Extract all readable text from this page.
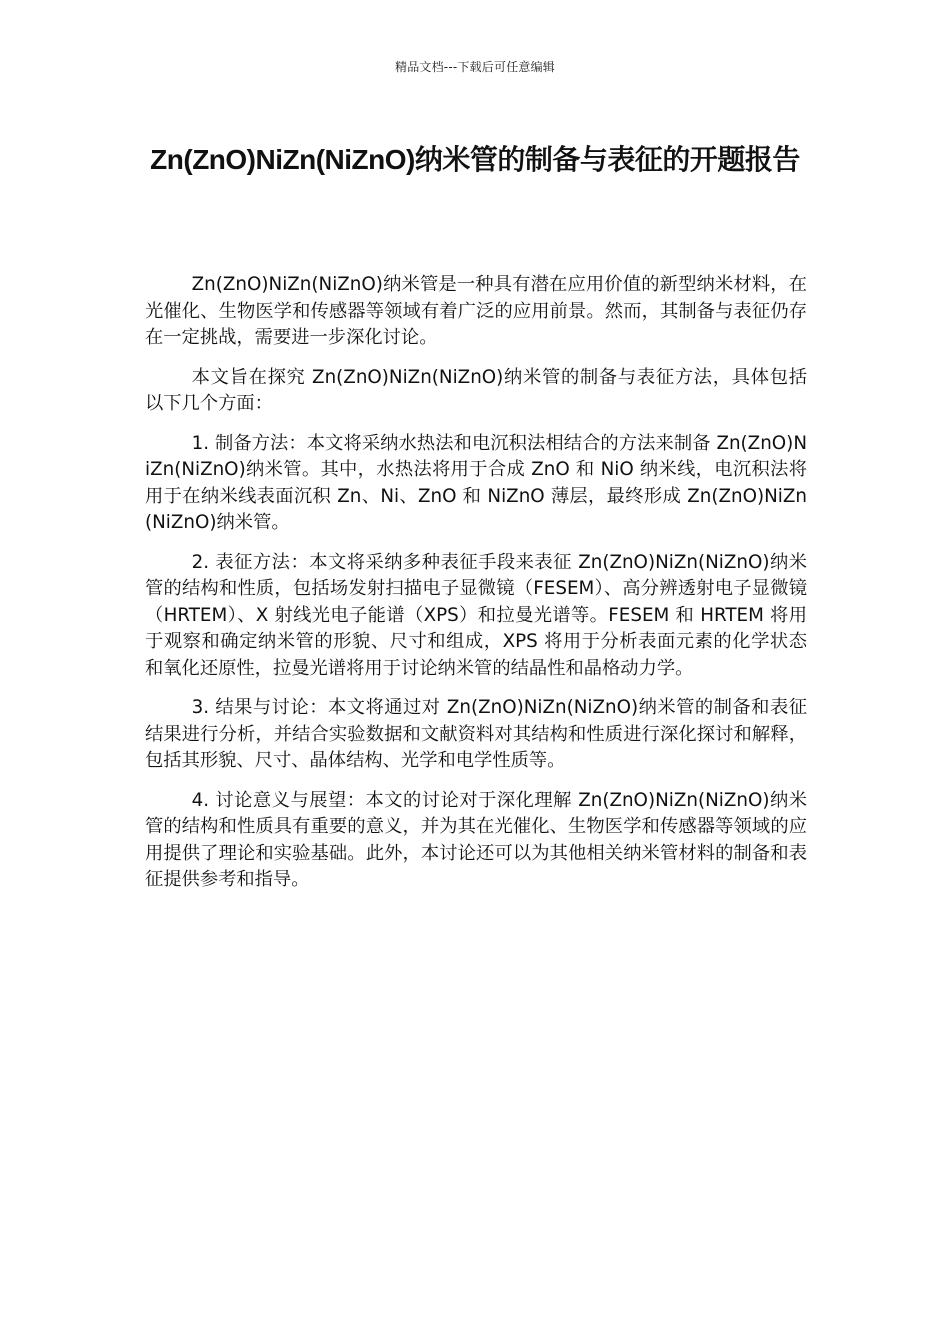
精品文档---下载后可任意编辑
Zn(ZnO)NiZn(NiZnO)纳米管的制备与表征的开题报告

Zn(ZnO)NiZn(NiZnO)纳米管是一种具有潜在应用价值的新型纳米材料，在光催化、生物医学和传感器等领域有着广泛的应用前景。然而，其制备与表征仍存在一定挑战，需要进一步深化讨论。

本文旨在探究 Zn(ZnO)NiZn(NiZnO)纳米管的制备与表征方法，具体包括以下几个方面：

1. 制备方法：本文将采纳水热法和电沉积法相结合的方法来制备 Zn(ZnO)NiZn(NiZnO)纳米管。其中，水热法将用于合成 ZnO 和 NiO 纳米线，电沉积法将用于在纳米线表面沉积 Zn、Ni、ZnO 和 NiZnO 薄层，最终形成 Zn(ZnO)NiZn(NiZnO)纳米管。

2. 表征方法：本文将采纳多种表征手段来表征 Zn(ZnO)NiZn(NiZnO)纳米管的结构和性质，包括场发射扫描电子显微镜（FESEM）、高分辨透射电子显微镜（HRTEM）、X 射线光电子能谱（XPS）和拉曼光谱等。FESEM 和 HRTEM 将用于观察和确定纳米管的形貌、尺寸和组成，XPS 将用于分析表面元素的化学状态和氧化还原性，拉曼光谱将用于讨论纳米管的结晶性和晶格动力学。

3. 结果与讨论：本文将通过对 Zn(ZnO)NiZn(NiZnO)纳米管的制备和表征结果进行分析，并结合实验数据和文献资料对其结构和性质进行深化探讨和解释，包括其形貌、尺寸、晶体结构、光学和电学性质等。

4. 讨论意义与展望：本文的讨论对于深化理解 Zn(ZnO)NiZn(NiZnO)纳米管的结构和性质具有重要的意义，并为其在光催化、生物医学和传感器等领域的应用提供了理论和实验基础。此外，本讨论还可以为其他相关纳米管材料的制备和表征提供参考和指导。
